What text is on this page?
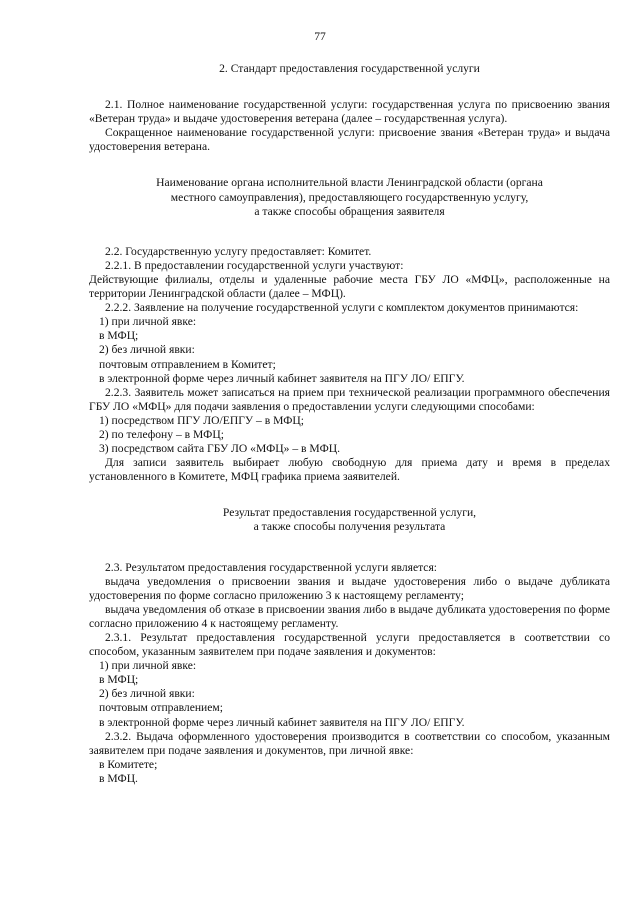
77

2. Стандарт предоставления государственной услуги

2.1. Полное наименование государственной услуги: государственная услуга по присвоению звания «Ветеран труда» и выдаче удостоверения ветерана (далее – государственная услуга).

Сокращенное наименование государственной услуги: присвоение звания «Ветеран труда» и выдача удостоверения ветерана.

Наименование органа исполнительной власти Ленинградской области (органа

местного самоуправления), предоставляющего государственную услугу,

а также способы обращения заявителя

2.2. Государственную услугу предоставляет: Комитет.

2.2.1. В предоставлении государственной услуги участвуют:

Действующие филиалы, отделы и удаленные рабочие места ГБУ ЛО «МФЦ», расположенные на территории Ленинградской области (далее – МФЦ).

2.2.2. Заявление на получение государственной услуги с комплектом документов принимаются:

1) при личной явке:

в МФЦ;

2) без личной явки:

почтовым отправлением в Комитет;

в электронной форме через личный кабинет заявителя на ПГУ ЛО/ ЕПГУ.

2.2.3. Заявитель может записаться на прием при технической реализации программного обеспечения ГБУ ЛО «МФЦ» для подачи заявления о предоставлении услуги следующими способами:

1) посредством ПГУ ЛО/ЕПГУ – в МФЦ;

2) по телефону – в МФЦ;

3) посредством сайта ГБУ ЛО «МФЦ» – в МФЦ.

Для записи заявитель выбирает любую свободную для приема дату и время в пределах установленного в Комитете, МФЦ графика приема заявителей.

Результат предоставления государственной услуги,

а также способы получения результата

2.3. Результатом предоставления государственной услуги является:

выдача уведомления о присвоении звания и выдаче удостоверения либо о выдаче дубликата удостоверения по форме согласно приложению 3 к настоящему регламенту;

выдача уведомления об отказе в присвоении звания либо в выдаче дубликата удостоверения по форме согласно приложению 4 к настоящему регламенту.

2.3.1. Результат предоставления государственной услуги предоставляется в соответствии со способом, указанным заявителем при подаче заявления и документов:

1) при личной явке:

в МФЦ;

2) без личной явки:

почтовым отправлением;

в электронной форме через личный кабинет заявителя на ПГУ ЛО/ ЕПГУ.

2.3.2. Выдача оформленного удостоверения производится в соответствии со способом, указанным заявителем при подаче заявления и документов, при личной явке:

в Комитете;

в МФЦ.
